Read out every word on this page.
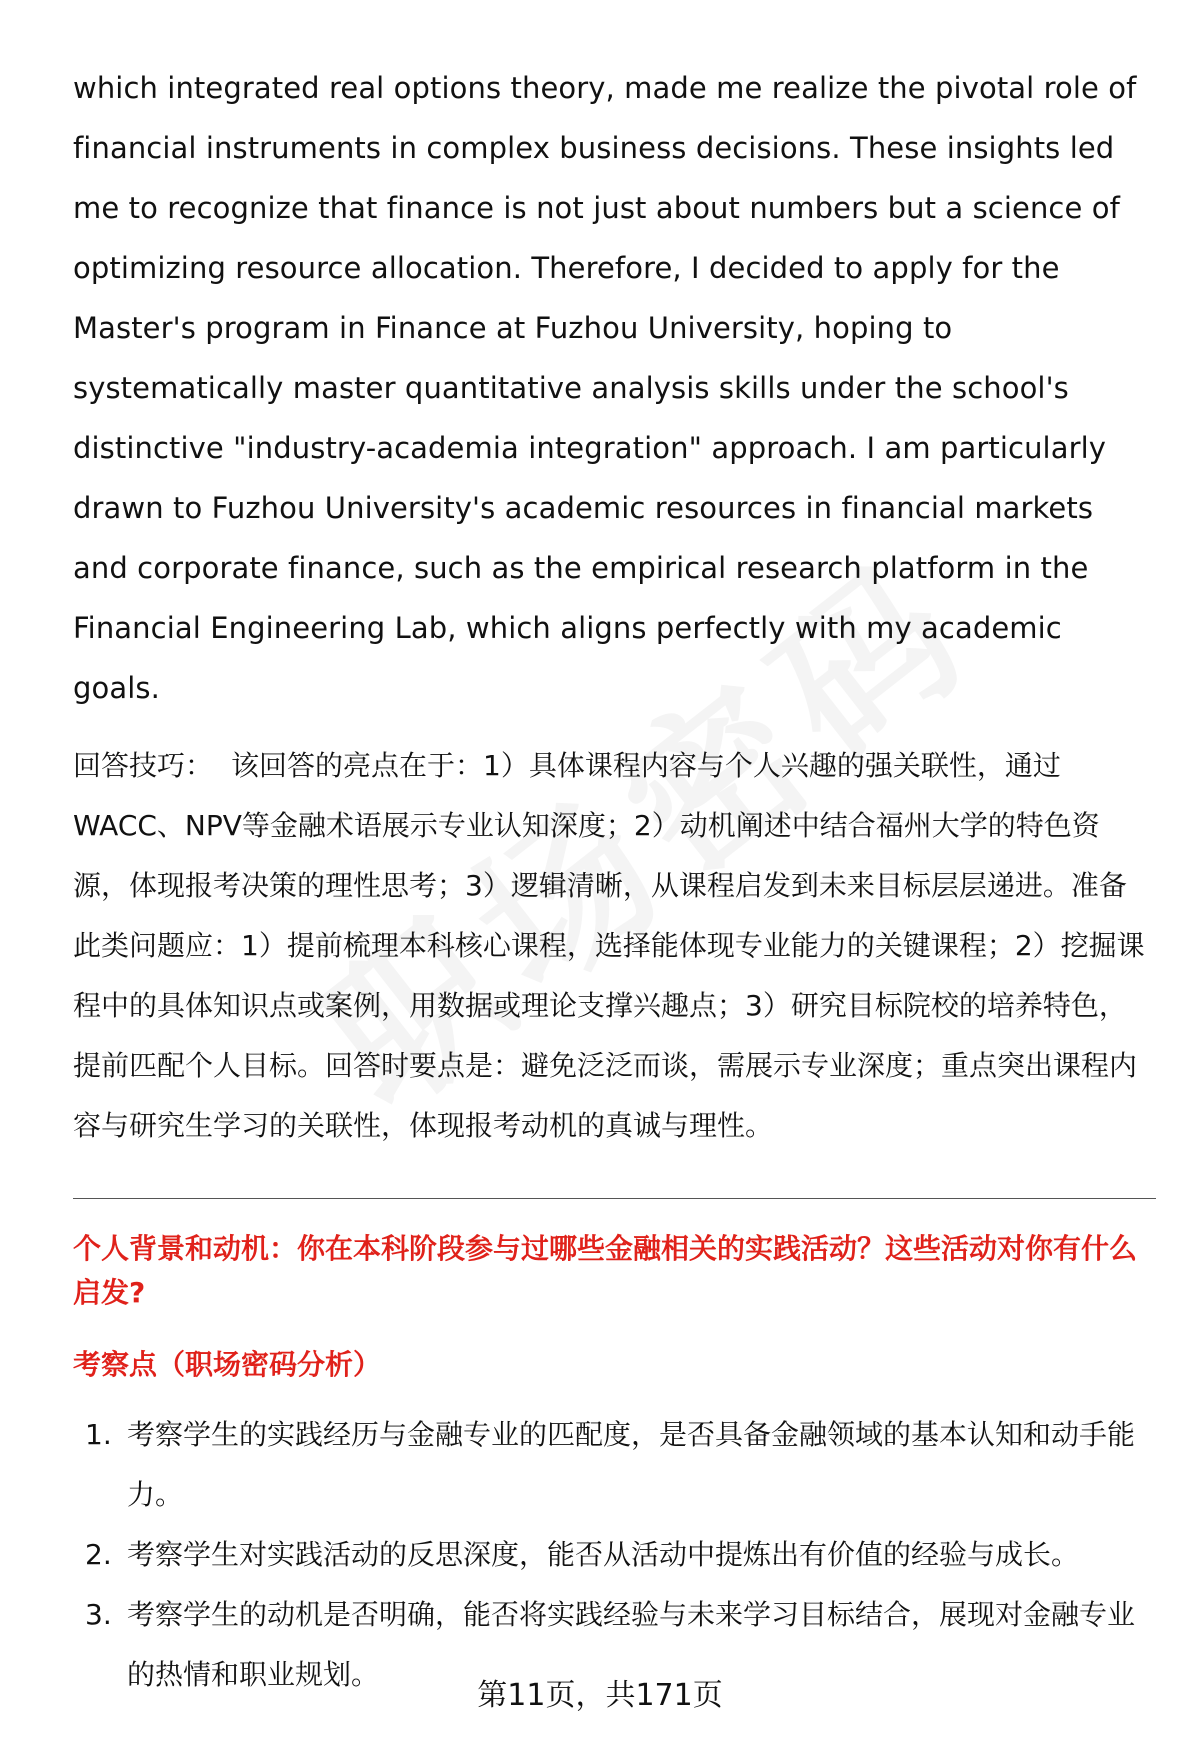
which integrated real options theory, made me realize the pivotal role of financial instruments in complex business decisions. These insights led me to recognize that finance is not just about numbers but a science of optimizing resource allocation. Therefore, I decided to apply for the Master's program in Finance at Fuzhou University, hoping to systematically master quantitative analysis skills under the school's distinctive "industry-academia integration" approach. I am particularly drawn to Fuzhou University's academic resources in financial markets and corporate finance, such as the empirical research platform in the Financial Engineering Lab, which aligns perfectly with my academic goals.

回答技巧： 该回答的亮点在于：1）具体课程内容与个人兴趣的强关联性，通过WACC、NPV等金融术语展示专业认知深度；2）动机阐述中结合福州大学的特色资源，体现报考决策的理性思考；3）逻辑清晰，从课程启发到未来目标层层递进。准备此类问题应：1）提前梳理本科核心课程，选择能体现专业能力的关键课程；2）挖掘课程中的具体知识点或案例，用数据或理论支撑兴趣点；3）研究目标院校的培养特色，提前匹配个人目标。回答时要点是：避免泛泛而谈，需展示专业深度；重点突出课程内容与研究生学习的关联性，体现报考动机的真诚与理性。

个人背景和动机：你在本科阶段参与过哪些金融相关的实践活动？这些活动对你有什么启发?
考察点（职场密码分析）
1. 考察学生的实践经历与金融专业的匹配度，是否具备金融领域的基本认知和动手能力。
2. 考察学生对实践活动的反思深度，能否从活动中提炼出有价值的经验与成长。
3. 考察学生的动机是否明确，能否将实践经验与未来学习目标结合，展现对金融专业的热情和职业规划。
第11页，共171页
